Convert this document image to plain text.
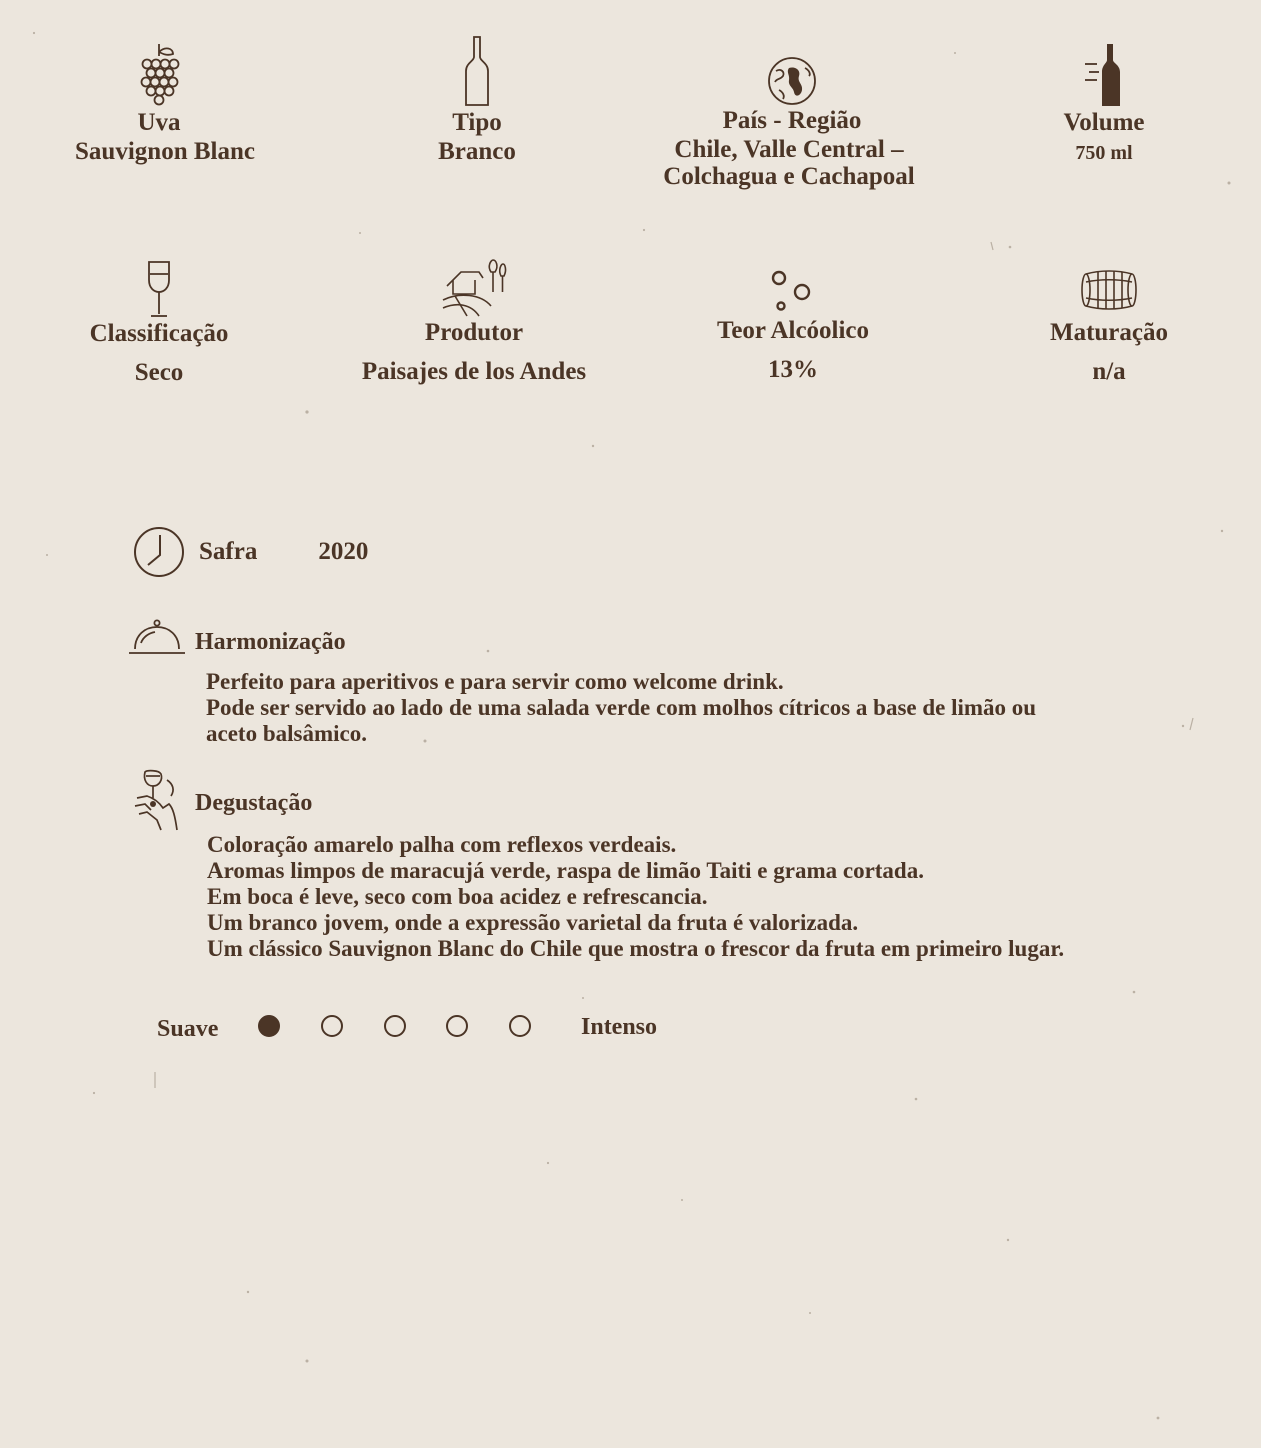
Uva
Sauvignon Blanc
Tipo
Branco
País - Região
Chile, Valle Central –
Colchagua e Cachapoal
Volume
750 ml
Classificação
Seco
Produtor
Paisajes de los Andes
Teor Alcóolico
13%
Maturação
n/a
Safra 2020
Harmonização
Perfeito para aperitivos e para servir como welcome drink.
Pode ser servido ao lado de uma salada verde com molhos cítricos a base de limão ou
aceto balsâmico.
Degustação
Coloração amarelo palha com reflexos verdeais.
Aromas limpos de maracujá verde, raspa de limão Taiti e grama cortada.
Em boca é leve, seco com boa acidez e refrescancia.
Um branco jovem, onde a expressão varietal da fruta é valorizada.
Um clássico Sauvignon Blanc do Chile que mostra o frescor da fruta em primeiro lugar.
Suave	Intenso
